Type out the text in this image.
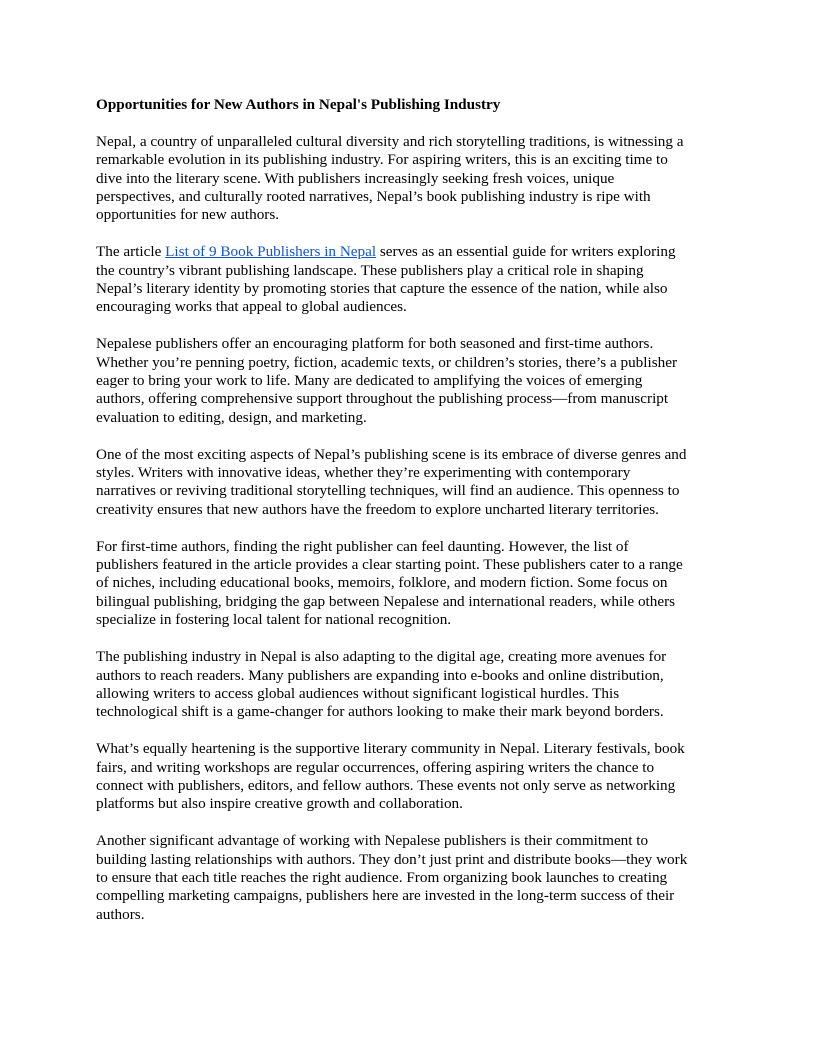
Opportunities for New Authors in Nepal's Publishing Industry

Nepal, a country of unparalleled cultural diversity and rich storytelling traditions, is witnessing a
remarkable evolution in its publishing industry. For aspiring writers, this is an exciting time to
dive into the literary scene. With publishers increasingly seeking fresh voices, unique
perspectives, and culturally rooted narratives, Nepal’s book publishing industry is ripe with
opportunities for new authors.

The article List of 9 Book Publishers in Nepal serves as an essential guide for writers exploring
the country’s vibrant publishing landscape. These publishers play a critical role in shaping
Nepal’s literary identity by promoting stories that capture the essence of the nation, while also
encouraging works that appeal to global audiences.

Nepalese publishers offer an encouraging platform for both seasoned and first-time authors.
Whether you’re penning poetry, fiction, academic texts, or children’s stories, there’s a publisher
eager to bring your work to life. Many are dedicated to amplifying the voices of emerging
authors, offering comprehensive support throughout the publishing process—from manuscript
evaluation to editing, design, and marketing.

One of the most exciting aspects of Nepal’s publishing scene is its embrace of diverse genres and
styles. Writers with innovative ideas, whether they’re experimenting with contemporary
narratives or reviving traditional storytelling techniques, will find an audience. This openness to
creativity ensures that new authors have the freedom to explore uncharted literary territories.

For first-time authors, finding the right publisher can feel daunting. However, the list of
publishers featured in the article provides a clear starting point. These publishers cater to a range
of niches, including educational books, memoirs, folklore, and modern fiction. Some focus on
bilingual publishing, bridging the gap between Nepalese and international readers, while others
specialize in fostering local talent for national recognition.

The publishing industry in Nepal is also adapting to the digital age, creating more avenues for
authors to reach readers. Many publishers are expanding into e-books and online distribution,
allowing writers to access global audiences without significant logistical hurdles. This
technological shift is a game-changer for authors looking to make their mark beyond borders.

What’s equally heartening is the supportive literary community in Nepal. Literary festivals, book
fairs, and writing workshops are regular occurrences, offering aspiring writers the chance to
connect with publishers, editors, and fellow authors. These events not only serve as networking
platforms but also inspire creative growth and collaboration.

Another significant advantage of working with Nepalese publishers is their commitment to
building lasting relationships with authors. They don’t just print and distribute books—they work
to ensure that each title reaches the right audience. From organizing book launches to creating
compelling marketing campaigns, publishers here are invested in the long-term success of their
authors.
